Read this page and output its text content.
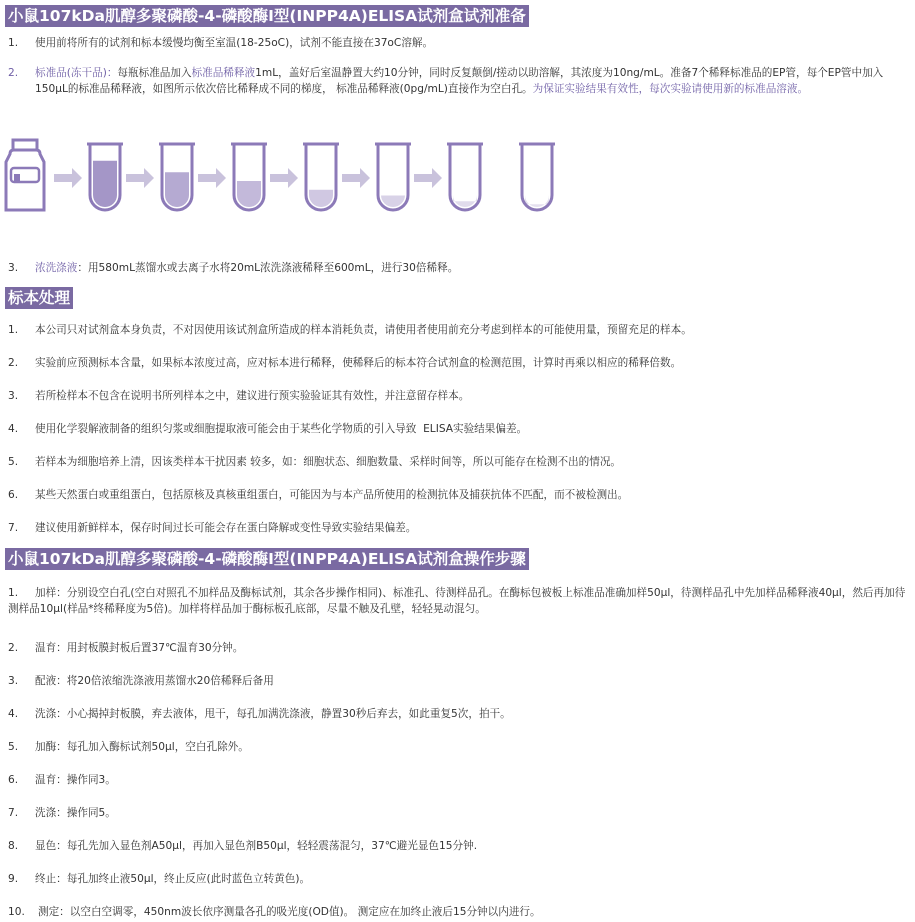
小鼠107kDa肌醇多聚磷酸-4-磷酸酶Ⅰ型(INPP4A)ELISA试剂盒试剂准备
1. 使用前将所有的试剂和标本缓慢均衡至室温(18-25oC)，试剂不能直接在37oC溶解。
2. 标准品(冻干品)：每瓶标准品加入标准品稀释液1mL，盖好后室温静置大约10分钟，同时反复颠倒/搓动以助溶解，其浓度为10ng/mL。准备7个稀释标准品的EP管，每个EP管中加入150μL的标准品稀释液，如图所示依次倍比稀释成不同的梯度， 标准品稀释液(0pg/mL)直接作为空白孔。为保证实验结果有效性，每次实验请使用新的标准品溶液。
3. 浓洗涤液：用580mL蒸馏水或去离子水将20mL浓洗涤液稀释至600mL，进行30倍稀释。
标本处理
1. 本公司只对试剂盒本身负责，不对因使用该试剂盒所造成的样本消耗负责，请使用者使用前充分考虑到样本的可能使用量，预留充足的样本。
2. 实验前应预测标本含量，如果标本浓度过高，应对标本进行稀释，使稀释后的标本符合试剂盒的检测范围，计算时再乘以相应的稀释倍数。
3. 若所检样本不包含在说明书所列样本之中，建议进行预实验验证其有效性，并注意留存样本。
4. 使用化学裂解液制备的组织匀浆或细胞提取液可能会由于某些化学物质的引入导致  ELISA实验结果偏差。
5. 若样本为细胞培养上清，因该类样本干扰因素 较多，如：细胞状态、细胞数量、采样时间等，所以可能存在检测不出的情况。
6. 某些天然蛋白或重组蛋白，包括原核及真核重组蛋白，可能因为与本产品所使用的检测抗体及捕获抗体不匹配，而不被检测出。
7. 建议使用新鲜样本，保存时间过长可能会存在蛋白降解或变性导致实验结果偏差。
小鼠107kDa肌醇多聚磷酸-4-磷酸酶Ⅰ型(INPP4A)ELISA试剂盒操作步骤
1.	加样：分别设空白孔(空白对照孔不加样品及酶标试剂，其余各步操作相同)、标准孔、待测样品孔。在酶标包被板上标准品准确加样50μl，待测样品孔中先加样品稀释液40μl，然后再加待测样品10μl(样品*终稀释度为5倍)。加样将样品加于酶标板孔底部，尽量不触及孔壁，轻轻晃动混匀。
2. 温育：用封板膜封板后置37℃温育30分钟。
3. 配液：将20倍浓缩洗涤液用蒸馏水20倍稀释后备用
4. 洗涤：小心揭掉封板膜，弃去液体，甩干，每孔加满洗涤液，静置30秒后弃去，如此重复5次，拍干。
5. 加酶：每孔加入酶标试剂50μl，空白孔除外。
6. 温育：操作同3。
7. 洗涤：操作同5。
8. 显色：每孔先加入显色剂A50μl，再加入显色剂B50μl，轻轻震荡混匀，37℃避光显色15分钟.
9. 终止：每孔加终止液50μl，终止反应(此时蓝色立转黄色)。
10. 测定：以空白空调零，450nm波长依序测量各孔的吸光度(OD值)。 测定应在加终止液后15分钟以内进行。
